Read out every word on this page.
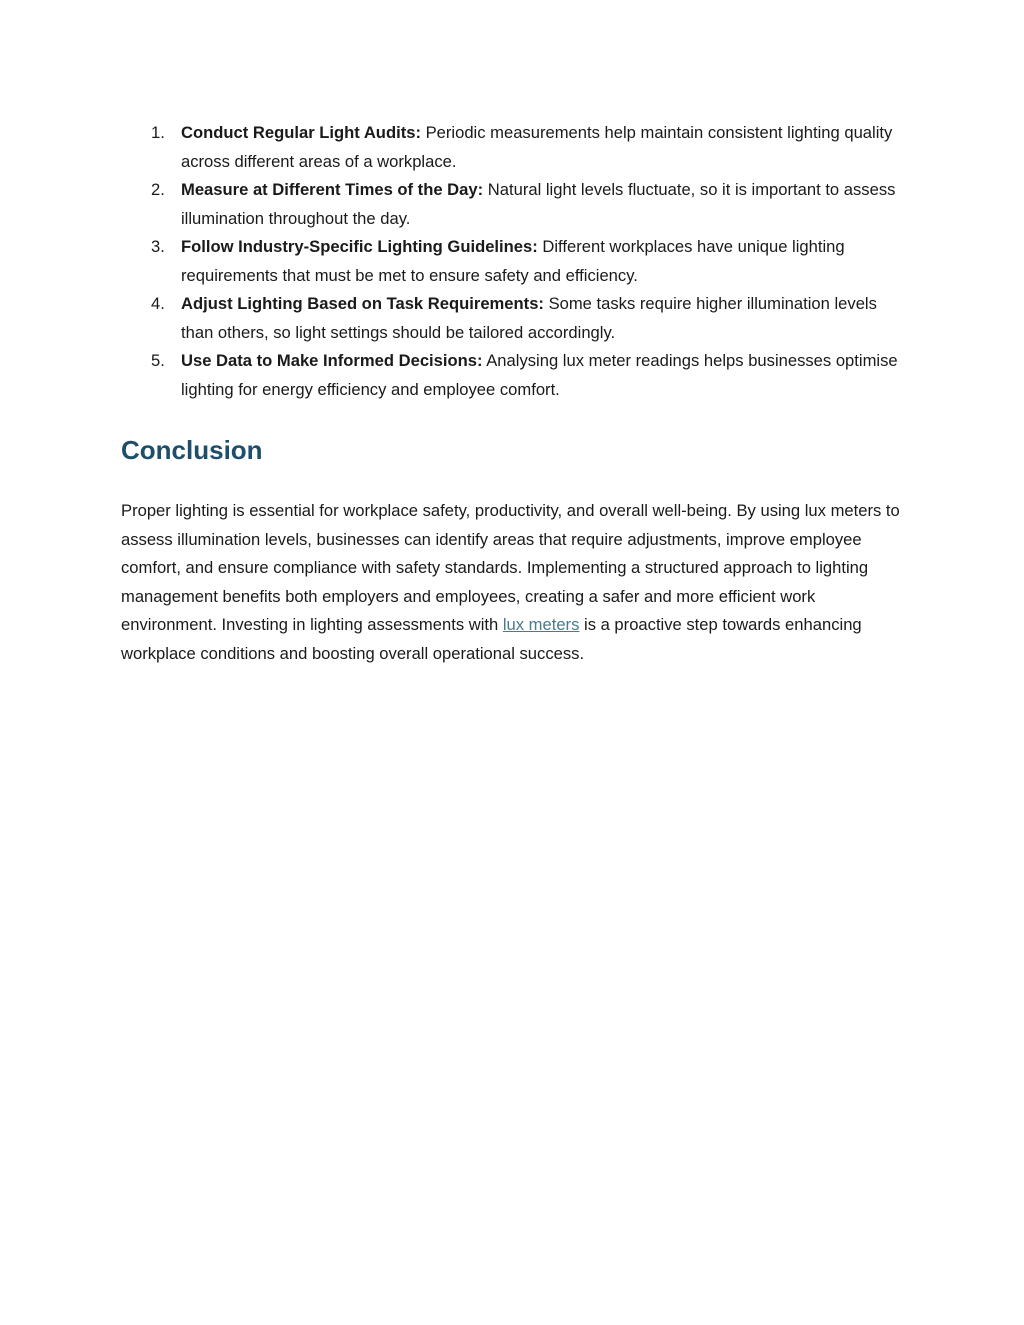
1. Conduct Regular Light Audits: Periodic measurements help maintain consistent lighting quality across different areas of a workplace.
2. Measure at Different Times of the Day: Natural light levels fluctuate, so it is important to assess illumination throughout the day.
3. Follow Industry-Specific Lighting Guidelines: Different workplaces have unique lighting requirements that must be met to ensure safety and efficiency.
4. Adjust Lighting Based on Task Requirements: Some tasks require higher illumination levels than others, so light settings should be tailored accordingly.
5. Use Data to Make Informed Decisions: Analysing lux meter readings helps businesses optimise lighting for energy efficiency and employee comfort.
Conclusion

Proper lighting is essential for workplace safety, productivity, and overall well-being. By using lux meters to assess illumination levels, businesses can identify areas that require adjustments, improve employee comfort, and ensure compliance with safety standards. Implementing a structured approach to lighting management benefits both employers and employees, creating a safer and more efficient work environment. Investing in lighting assessments with lux meters is a proactive step towards enhancing workplace conditions and boosting overall operational success.
